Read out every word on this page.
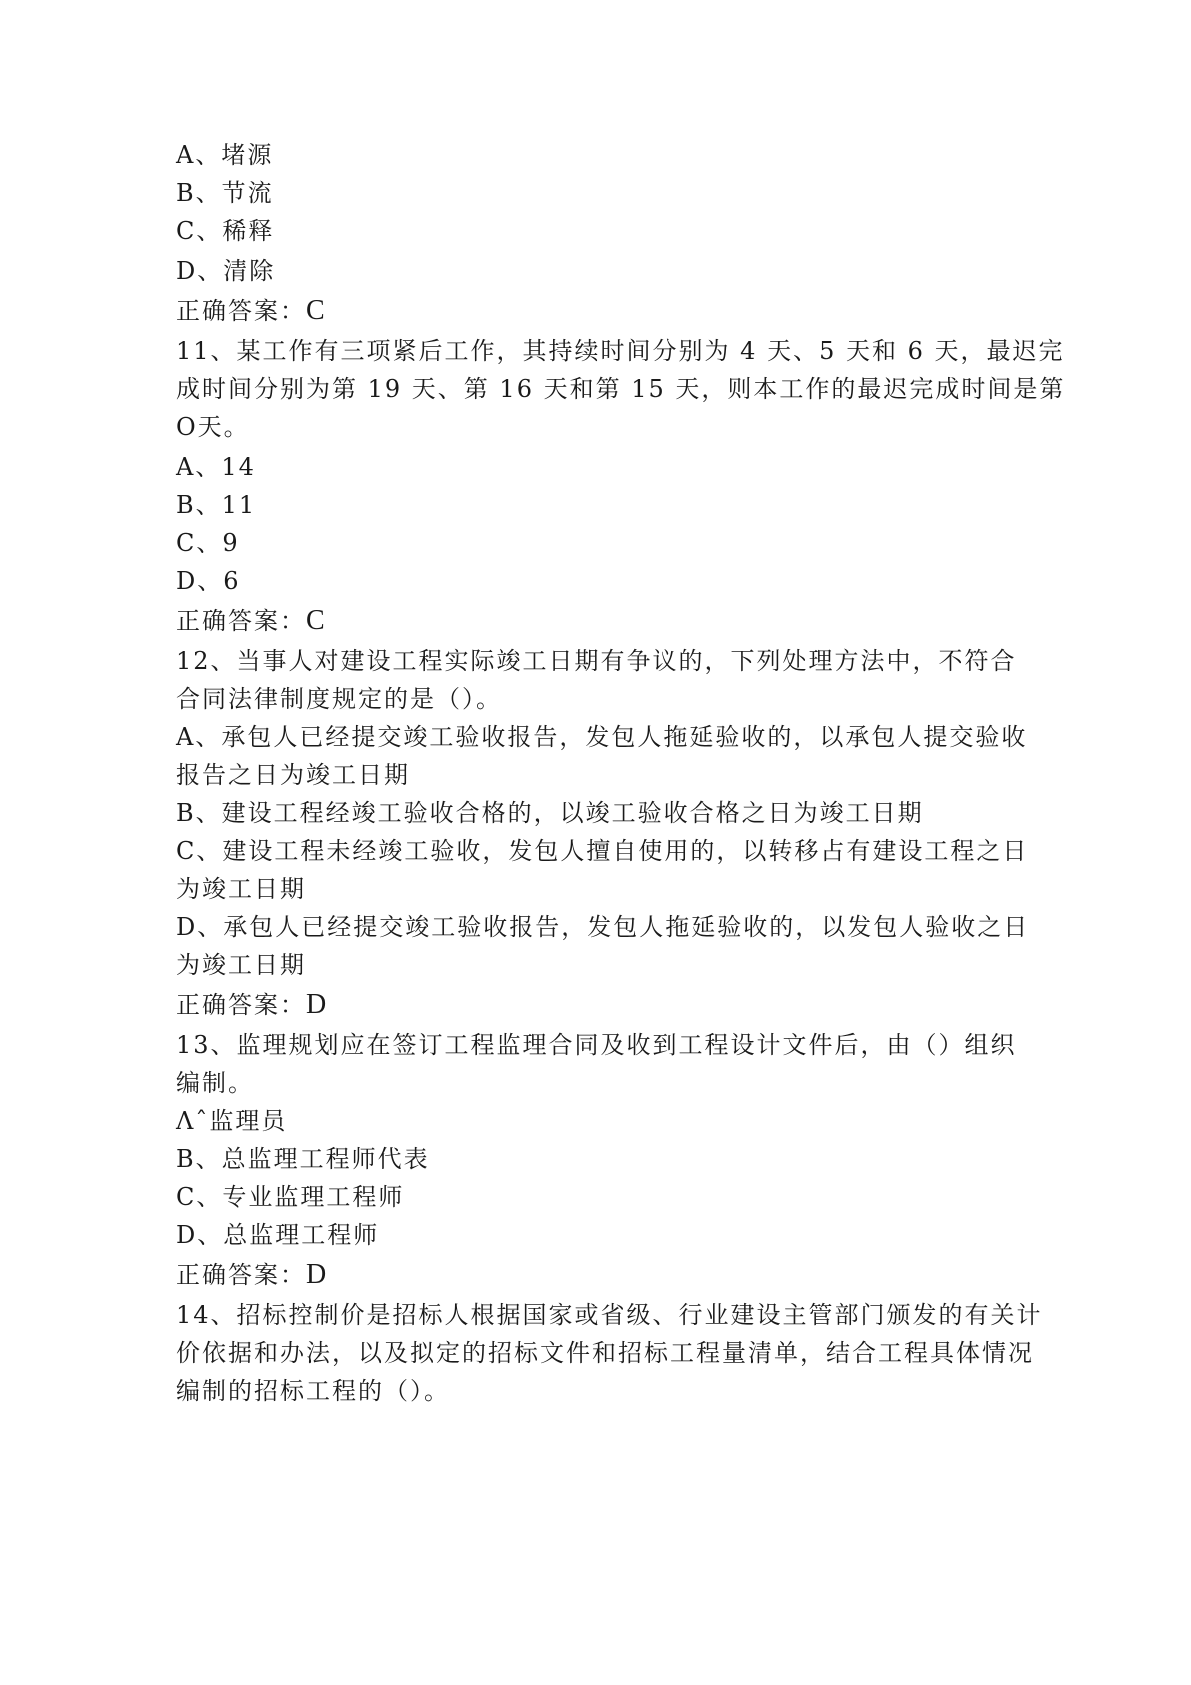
A、堵源
B、节流
C、稀释
D、清除
正确答案：C
11、某工作有三项紧后工作，其持续时间分别为 4 天、5 天和 6 天，最迟完
成时间分别为第 19 天、第 16 天和第 15 天，则本工作的最迟完成时间是第
O天。
A、14
B、11
C、9
D、6
正确答案：C
12、当事人对建设工程实际竣工日期有争议的，下列处理方法中，不符合
合同法律制度规定的是（）。
A、承包人已经提交竣工验收报告，发包人拖延验收的，以承包人提交验收
报告之日为竣工日期
B、建设工程经竣工验收合格的，以竣工验收合格之日为竣工日期
C、建设工程未经竣工验收，发包人擅自使用的，以转移占有建设工程之日
为竣工日期
D、承包人已经提交竣工验收报告，发包人拖延验收的，以发包人验收之日
为竣工日期
正确答案：D
13、监理规划应在签订工程监理合同及收到工程设计文件后，由（）组织
编制。
Λˆ监理员
B、总监理工程师代表
C、专业监理工程师
D、总监理工程师
正确答案：D
14、招标控制价是招标人根据国家或省级、行业建设主管部门颁发的有关计
价依据和办法，以及拟定的招标文件和招标工程量清单，结合工程具体情况
编制的招标工程的（）。
